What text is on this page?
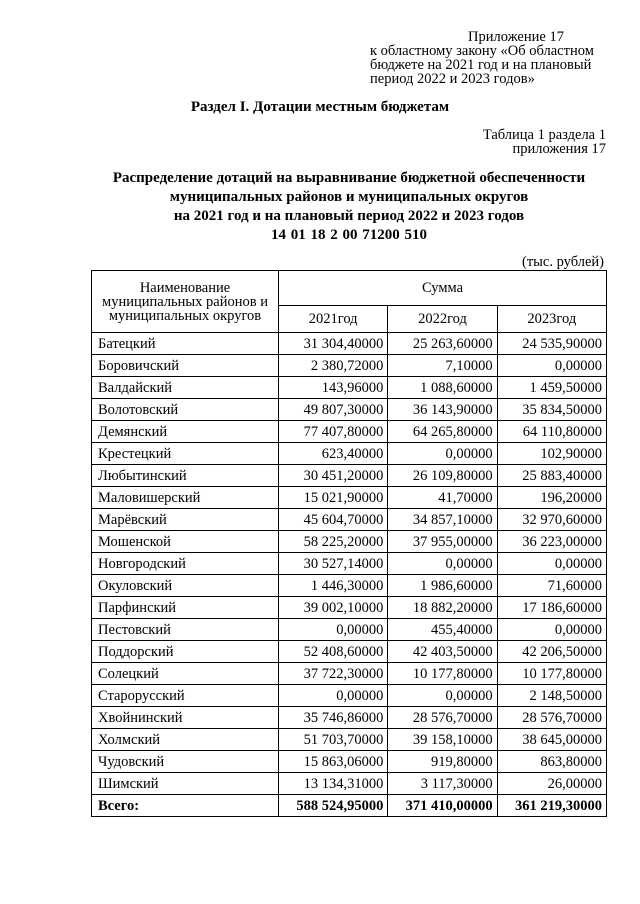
Приложение 17
к областному закону «Об областном
бюджете на 2021 год и на плановый
период 2022 и 2023 годов»
Раздел I. Дотации местным бюджетам
Таблица 1 раздела 1
приложения 17
Распределение дотаций на выравнивание бюджетной обеспеченности
муниципальных районов и муниципальных округов
на 2021 год и на плановый период 2022 и 2023 годов
14 01 18 2 00 71200 510
(тыс. рублей)
Наименование муниципальных районов и муниципальных округов	Сумма		
	2021год	2022год	2023год
Батецкий	31 304,40000	25 263,60000	24 535,90000
Боровичский	2 380,72000	7,10000	0,00000
Валдайский	143,96000	1 088,60000	1 459,50000
Волотовский	49 807,30000	36 143,90000	35 834,50000
Демянский	77 407,80000	64 265,80000	64 110,80000
Крестецкий	623,40000	0,00000	102,90000
Любытинский	30 451,20000	26 109,80000	25 883,40000
Маловишерский	15 021,90000	41,70000	196,20000
Марёвский	45 604,70000	34 857,10000	32 970,60000
Мошенской	58 225,20000	37 955,00000	36 223,00000
Новгородский	30 527,14000	0,00000	0,00000
Окуловский	1 446,30000	1 986,60000	71,60000
Парфинский	39 002,10000	18 882,20000	17 186,60000
Пестовский	0,00000	455,40000	0,00000
Поддорский	52 408,60000	42 403,50000	42 206,50000
Солецкий	37 722,30000	10 177,80000	10 177,80000
Старорусский	0,00000	0,00000	2 148,50000
Хвойнинский	35 746,86000	28 576,70000	28 576,70000
Холмский	51 703,70000	39 158,10000	38 645,00000
Чудовский	15 863,06000	919,80000	863,80000
Шимский	13 134,31000	3 117,30000	26,00000
Всего:	588 524,95000	371 410,00000	361 219,30000
